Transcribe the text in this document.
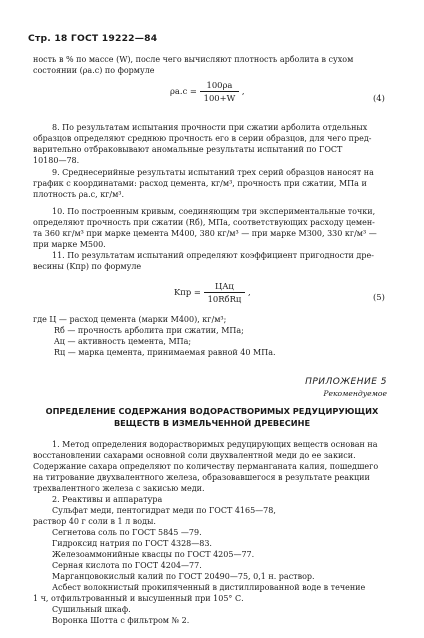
Стр. 18 ГОСТ 19222—84
ность в % по массе (W), после чего вычисляют плотность арболита в сухом
состоянии (ρа.с) по формуле
$\rho а.с = \frac{100\rho а}{100+W}$ ,
(4)
8. По результатам испытания прочности при сжатии арболита отдельных
образцов определяют среднюю прочность его в серии образцов, для чего пред-
варительно отбраковывают аномальные результаты испытаний по ГОСТ
10180—78.
9. Среднесерийные результаты испытаний трех серий образцов наносят на
график с координатами: расход цемента, кг/м³, прочность при сжатии, МПа и
плотность ρа.с, кг/м³.
10. По построенным кривым, соединяющим три экспериментальные точки,
определяют прочность при сжатии (Rб), МПа, соответствующих расходу цемен-
та 360 кг/м³ при марке цемента М400, 380 кг/м³ — при марке М300, 330 кг/м³ —
при марке М500.
11. По результатам испытаний определяют коэффициент пригодности дре-
весины (Kпр) по формуле
Kпр = $\frac{\text{ЦAц}}{\text{10RбRц}}$ ,	(5)
где Ц — расход цемента (марки М400), кг/м³;
Rб — прочность арболита при сжатии, МПа;
Aц — активность цемента, МПа;
Rц — марка цемента, принимаемая равной 40 МПа.
ПРИЛОЖЕНИЕ 5
Рекомендуемое
ОПРЕДЕЛЕНИЕ СОДЕРЖАНИЯ ВОДОРАСТВОРИМЫХ РЕДУЦИРУЮЩИХ
ВЕЩЕСТВ В ИЗМЕЛЬЧЕННОЙ ДРЕВЕСИНЕ
1. Метод определения водорастворимых редуцирующих веществ основан на
восстановлении сахарами основной соли двухвалентной меди до ее закиси.
Содержание сахара определяют по количеству перманганата калия, пошедшего
на титрование двухвалентного железа, образовавшегося в результате реакции
трехвалентного железа с закисью меди.
2. Реактивы и аппаратура
Сульфат меди, пентогидрат меди по ГОСТ 4165—78,
раствор 40 г соли в 1 л воды.
Сегнетова соль по ГОСТ 5845 —79.
Гидроксид натрия по ГОСТ 4328—83.
Железоаммонийные квасцы по ГОСТ 4205—77.
Серная кислота по ГОСТ 4204—77.
Марганцовокислый калий по ГОСТ 20490—75, 0,1 н. раствор.
Асбест волокнистый прокипяченный в дистиллированной воде в течение
1 ч, отфильтрованный и высушенный при 105° С.
Сушильный шкаф.
Воронка Шотта с фильтром № 2.
